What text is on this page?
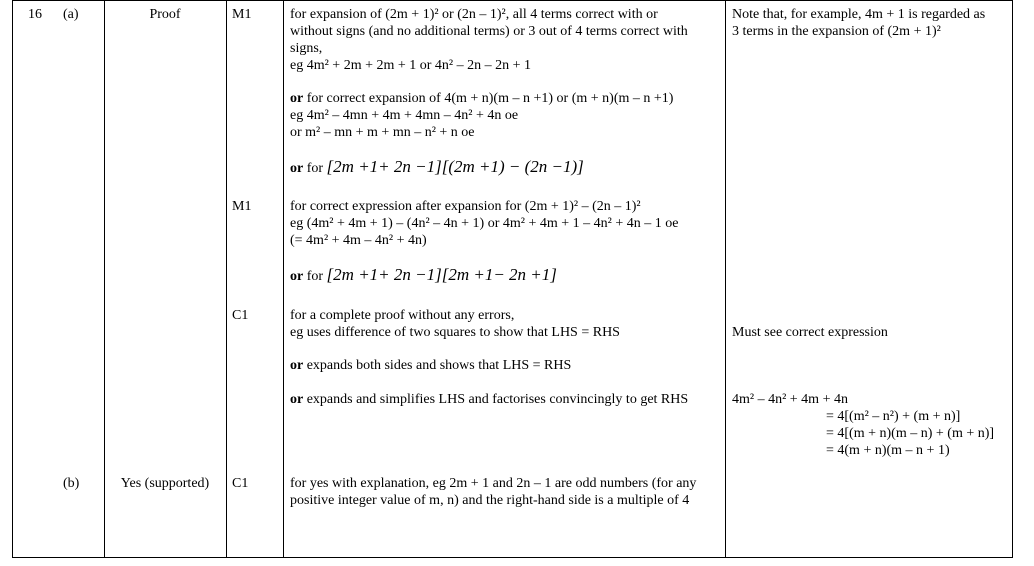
16 (a)
(b)
Proof
Yes (supported)
M1
M1
C1
C1
for expansion of (2m + 1)² or (2n – 1)², all 4 terms correct with or
without signs (and no additional terms) or 3 out of 4 terms correct with
signs,
eg 4m² + 2m + 2m + 1 or 4n² – 2n – 2n + 1
or for correct expansion of 4(m + n)(m – n +1) or (m + n)(m – n +1)
eg 4m² – 4mn + 4m + 4mn – 4n² + 4n oe
or m² – mn + m + mn – n² + n oe
or for [2m +1+ 2n −1][(2m +1) − (2n −1)]
for correct expression after expansion for (2m + 1)² – (2n – 1)²
eg (4m² + 4m + 1) – (4n² – 4n + 1) or 4m² + 4m + 1 – 4n² + 4n – 1 oe
(= 4m² + 4m – 4n² + 4n)
or for [2m +1+ 2n −1][2m +1− 2n +1]
for a complete proof without any errors,
eg uses difference of two squares to show that LHS = RHS
or expands both sides and shows that LHS = RHS
or expands and simplifies LHS and factorises convincingly to get RHS
for yes with explanation, eg 2m + 1 and 2n – 1 are odd numbers (for any
positive integer value of m, n) and the right-hand side is a multiple of 4
Note that, for example, 4m + 1 is regarded as
3 terms in the expansion of (2m + 1)²
Must see correct expression
4m² – 4n² + 4m + 4n
= 4[(m² – n²) + (m + n)]
= 4[(m + n)(m – n) + (m + n)]
= 4(m + n)(m – n + 1)
